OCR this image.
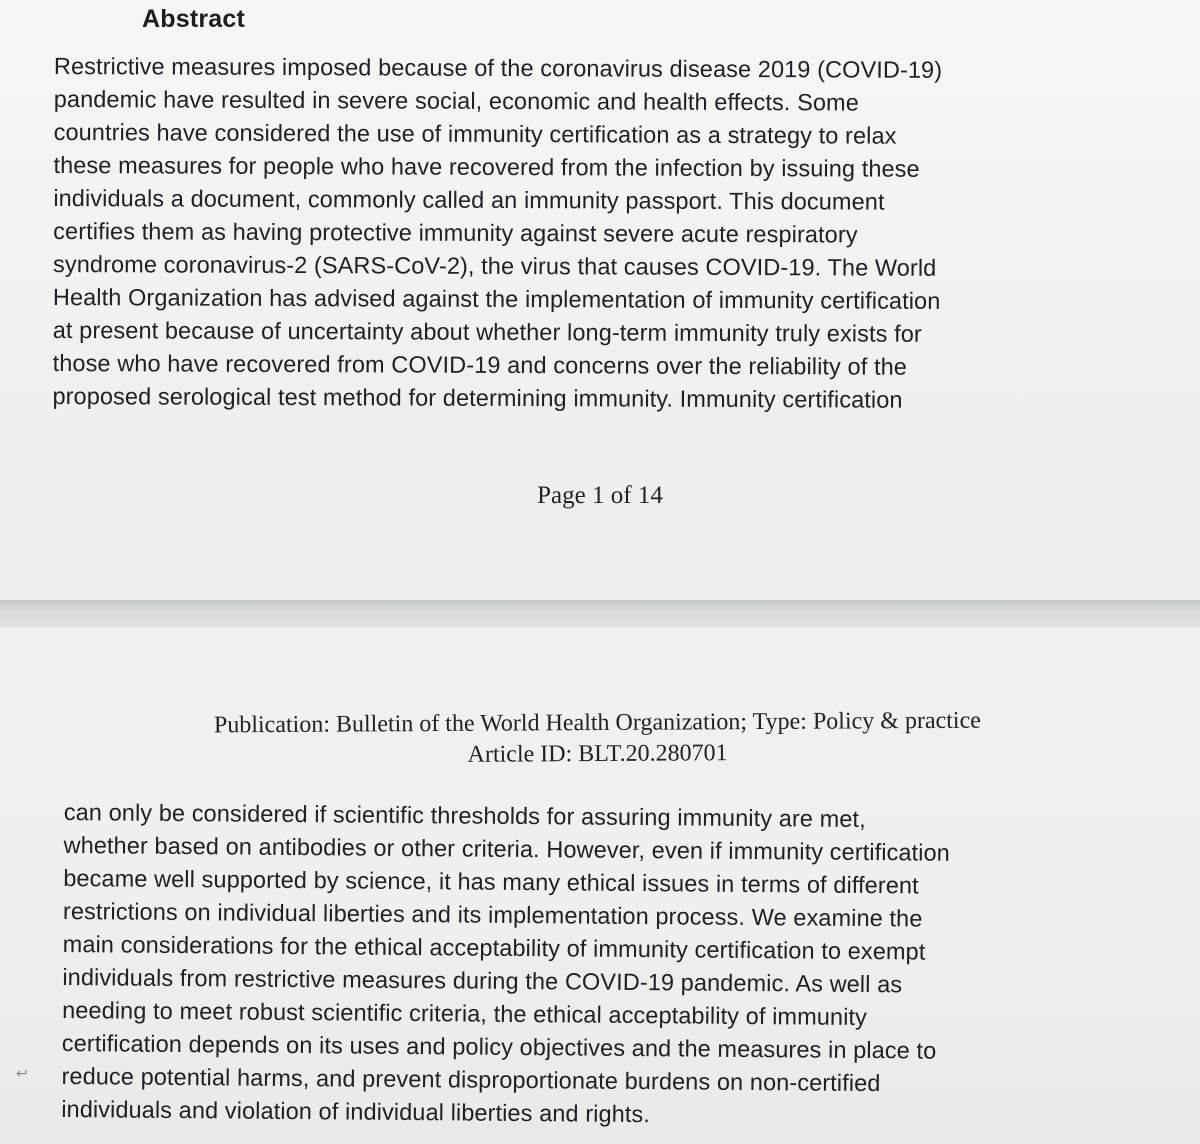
Abstract
Restrictive measures imposed because of the coronavirus disease 2019 (COVID-19)
pandemic have resulted in severe social, economic and health effects. Some
countries have considered the use of immunity certification as a strategy to relax
these measures for people who have recovered from the infection by issuing these
individuals a document, commonly called an immunity passport. This document
certifies them as having protective immunity against severe acute respiratory
syndrome coronavirus-2 (SARS-CoV-2), the virus that causes COVID-19. The World
Health Organization has advised against the implementation of immunity certification
at present because of uncertainty about whether long-term immunity truly exists for
those who have recovered from COVID-19 and concerns over the reliability of the
proposed serological test method for determining immunity. Immunity certification
Page 1 of 14
Publication: Bulletin of the World Health Organization; Type: Policy & practice
Article ID: BLT.20.280701
can only be considered if scientific thresholds for assuring immunity are met,
whether based on antibodies or other criteria. However, even if immunity certification
became well supported by science, it has many ethical issues in terms of different
restrictions on individual liberties and its implementation process. We examine the
main considerations for the ethical acceptability of immunity certification to exempt
individuals from restrictive measures during the COVID-19 pandemic. As well as
needing to meet robust scientific criteria, the ethical acceptability of immunity
certification depends on its uses and policy objectives and the measures in place to
reduce potential harms, and prevent disproportionate burdens on non-certified
individuals and violation of individual liberties and rights.
↩
